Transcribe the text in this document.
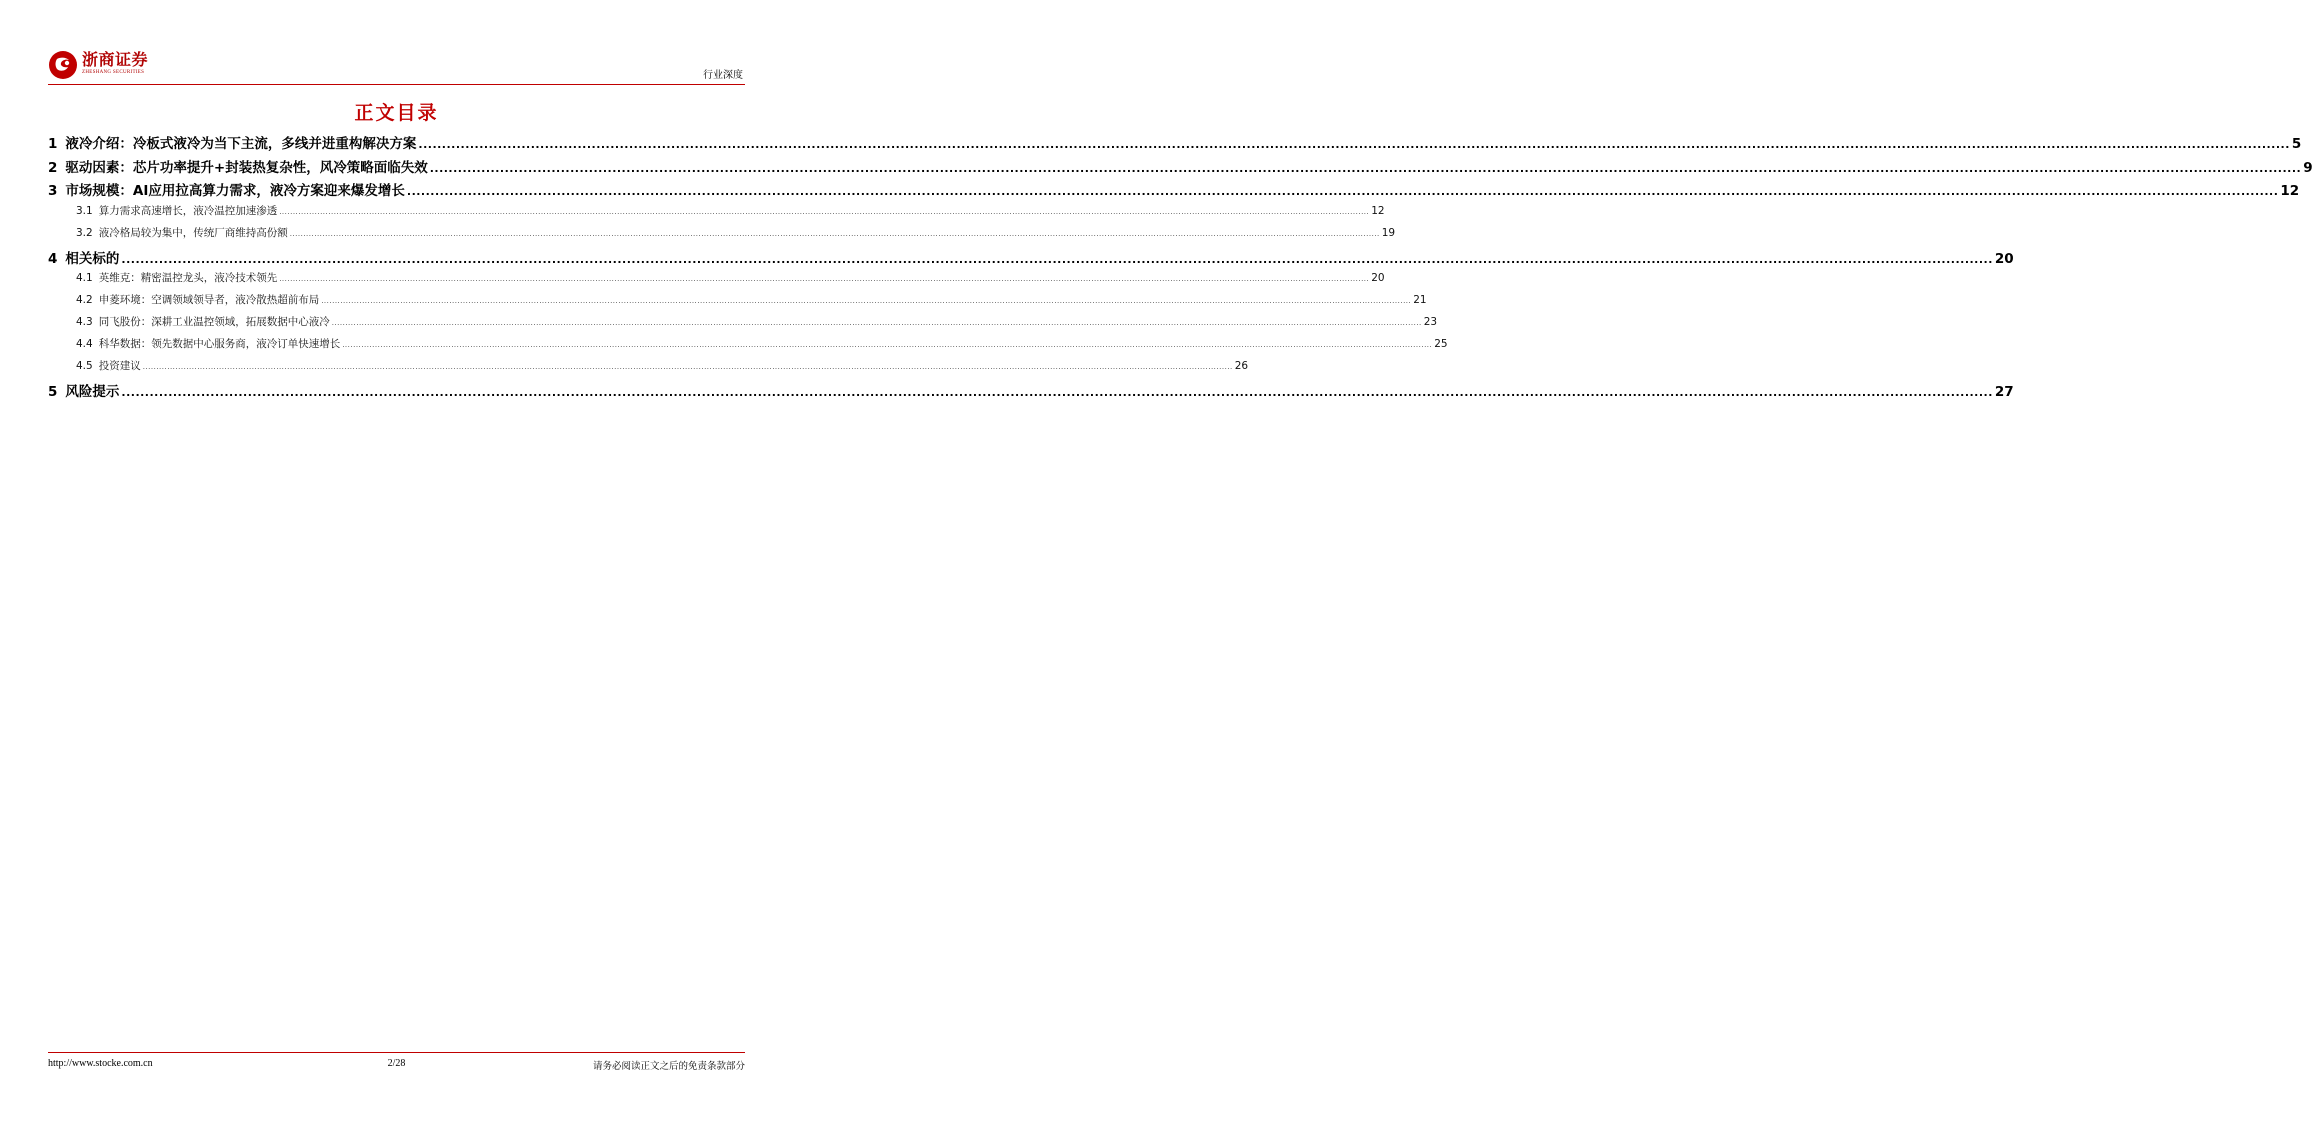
浙商证券
ZHESHANG SECURITIES	行业深度
正文目录
1 液冷介绍：冷板式液冷为当下主流，多线并进重构解决方案 ................................................................................................................................................................................................................................................................................................................................................................................................................ 5
2 驱动因素：芯片功率提升+封装热复杂性，风冷策略面临失效 ................................................................................................................................................................................................................................................................................................................................................................................................................ 9
3 市场规模：AI应用拉高算力需求，液冷方案迎来爆发增长 ................................................................................................................................................................................................................................................................................................................................................................................................................ 12
3.1 算力需求高速增长，液冷温控加速渗透 ................................................................................................................................................................................................................................................................................................................................................................................................................ 12
3.2 液冷格局较为集中，传统厂商维持高份额 ................................................................................................................................................................................................................................................................................................................................................................................................................ 19
4 相关标的 ................................................................................................................................................................................................................................................................................................................................................................................................................ 20
4.1 英维克：精密温控龙头，液冷技术领先 ................................................................................................................................................................................................................................................................................................................................................................................................................ 20
4.2 申菱环境：空调领域领导者，液冷散热超前布局 ................................................................................................................................................................................................................................................................................................................................................................................................................ 21
4.3 同飞股份：深耕工业温控领域，拓展数据中心液冷 ................................................................................................................................................................................................................................................................................................................................................................................................................ 23
4.4 科华数据：领先数据中心服务商，液冷订单快速增长 ................................................................................................................................................................................................................................................................................................................................................................................................................ 25
4.5 投资建议 ................................................................................................................................................................................................................................................................................................................................................................................................................ 26
5 风险提示 ................................................................................................................................................................................................................................................................................................................................................................................................................ 27
http://www.stocke.com.cn	2/28	请务必阅读正文之后的免责条款部分
